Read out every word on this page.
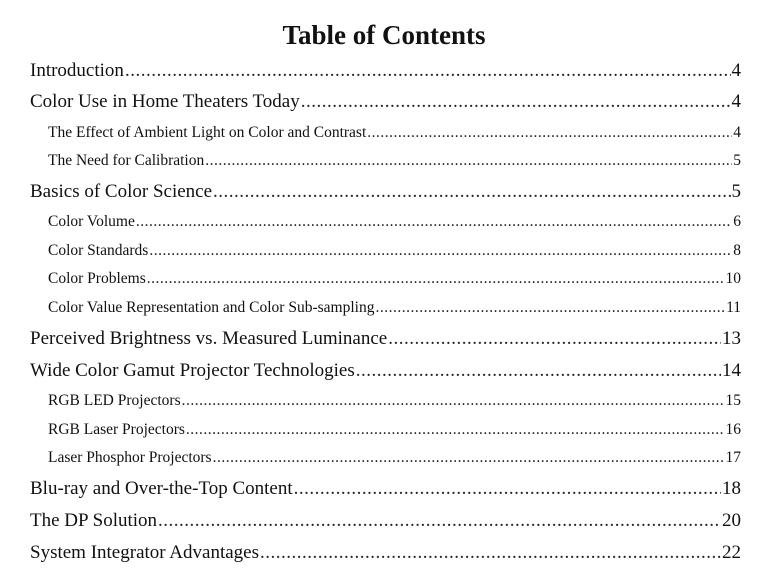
Table of Contents
Introduction .....	4
Color Use in Home Theaters Today .....	4
The Effect of Ambient Light on Color and Contrast .....	4
The Need for Calibration .....	5
Basics of Color Science .....	5
Color Volume .....	6
Color Standards .....	8
Color Problems .....	10
Color Value Representation and Color Sub-sampling .....	11
Perceived Brightness vs. Measured Luminance .....	13
Wide Color Gamut Projector Technologies .....	14
RGB LED Projectors .....	15
RGB Laser Projectors .....	16
Laser Phosphor Projectors .....	17
Blu-ray and Over-the-Top Content .....	18
The DP Solution .....	20
System Integrator Advantages .....	22
